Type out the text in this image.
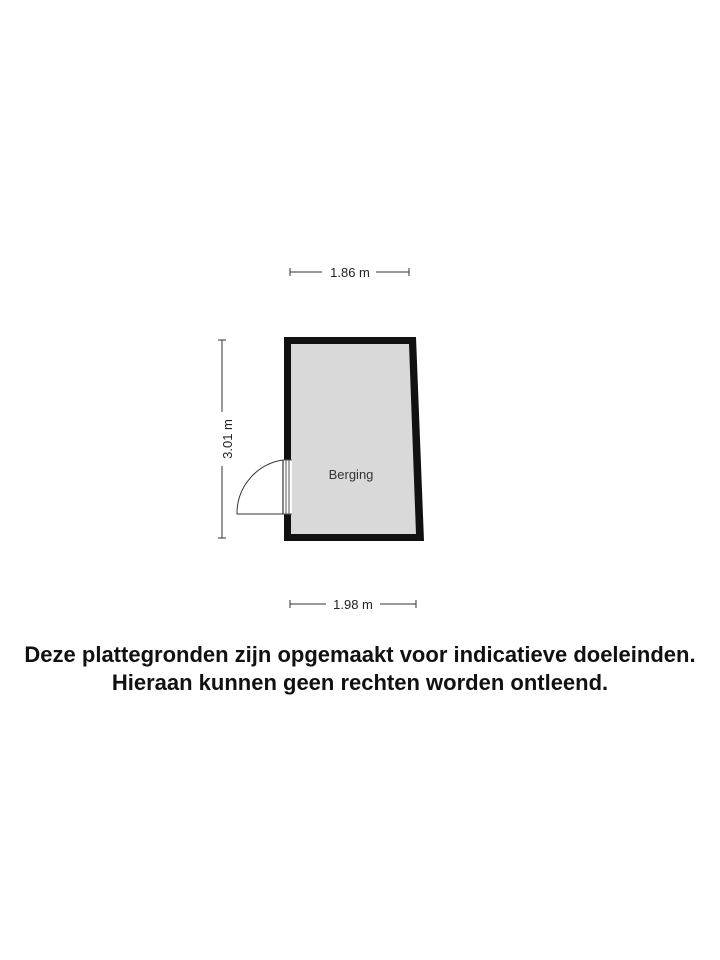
1.86 m
3.01 m
Berging
1.98 m
Deze plattegronden zijn opgemaakt voor indicatieve doeleinden.
Hieraan kunnen geen rechten worden ontleend.
